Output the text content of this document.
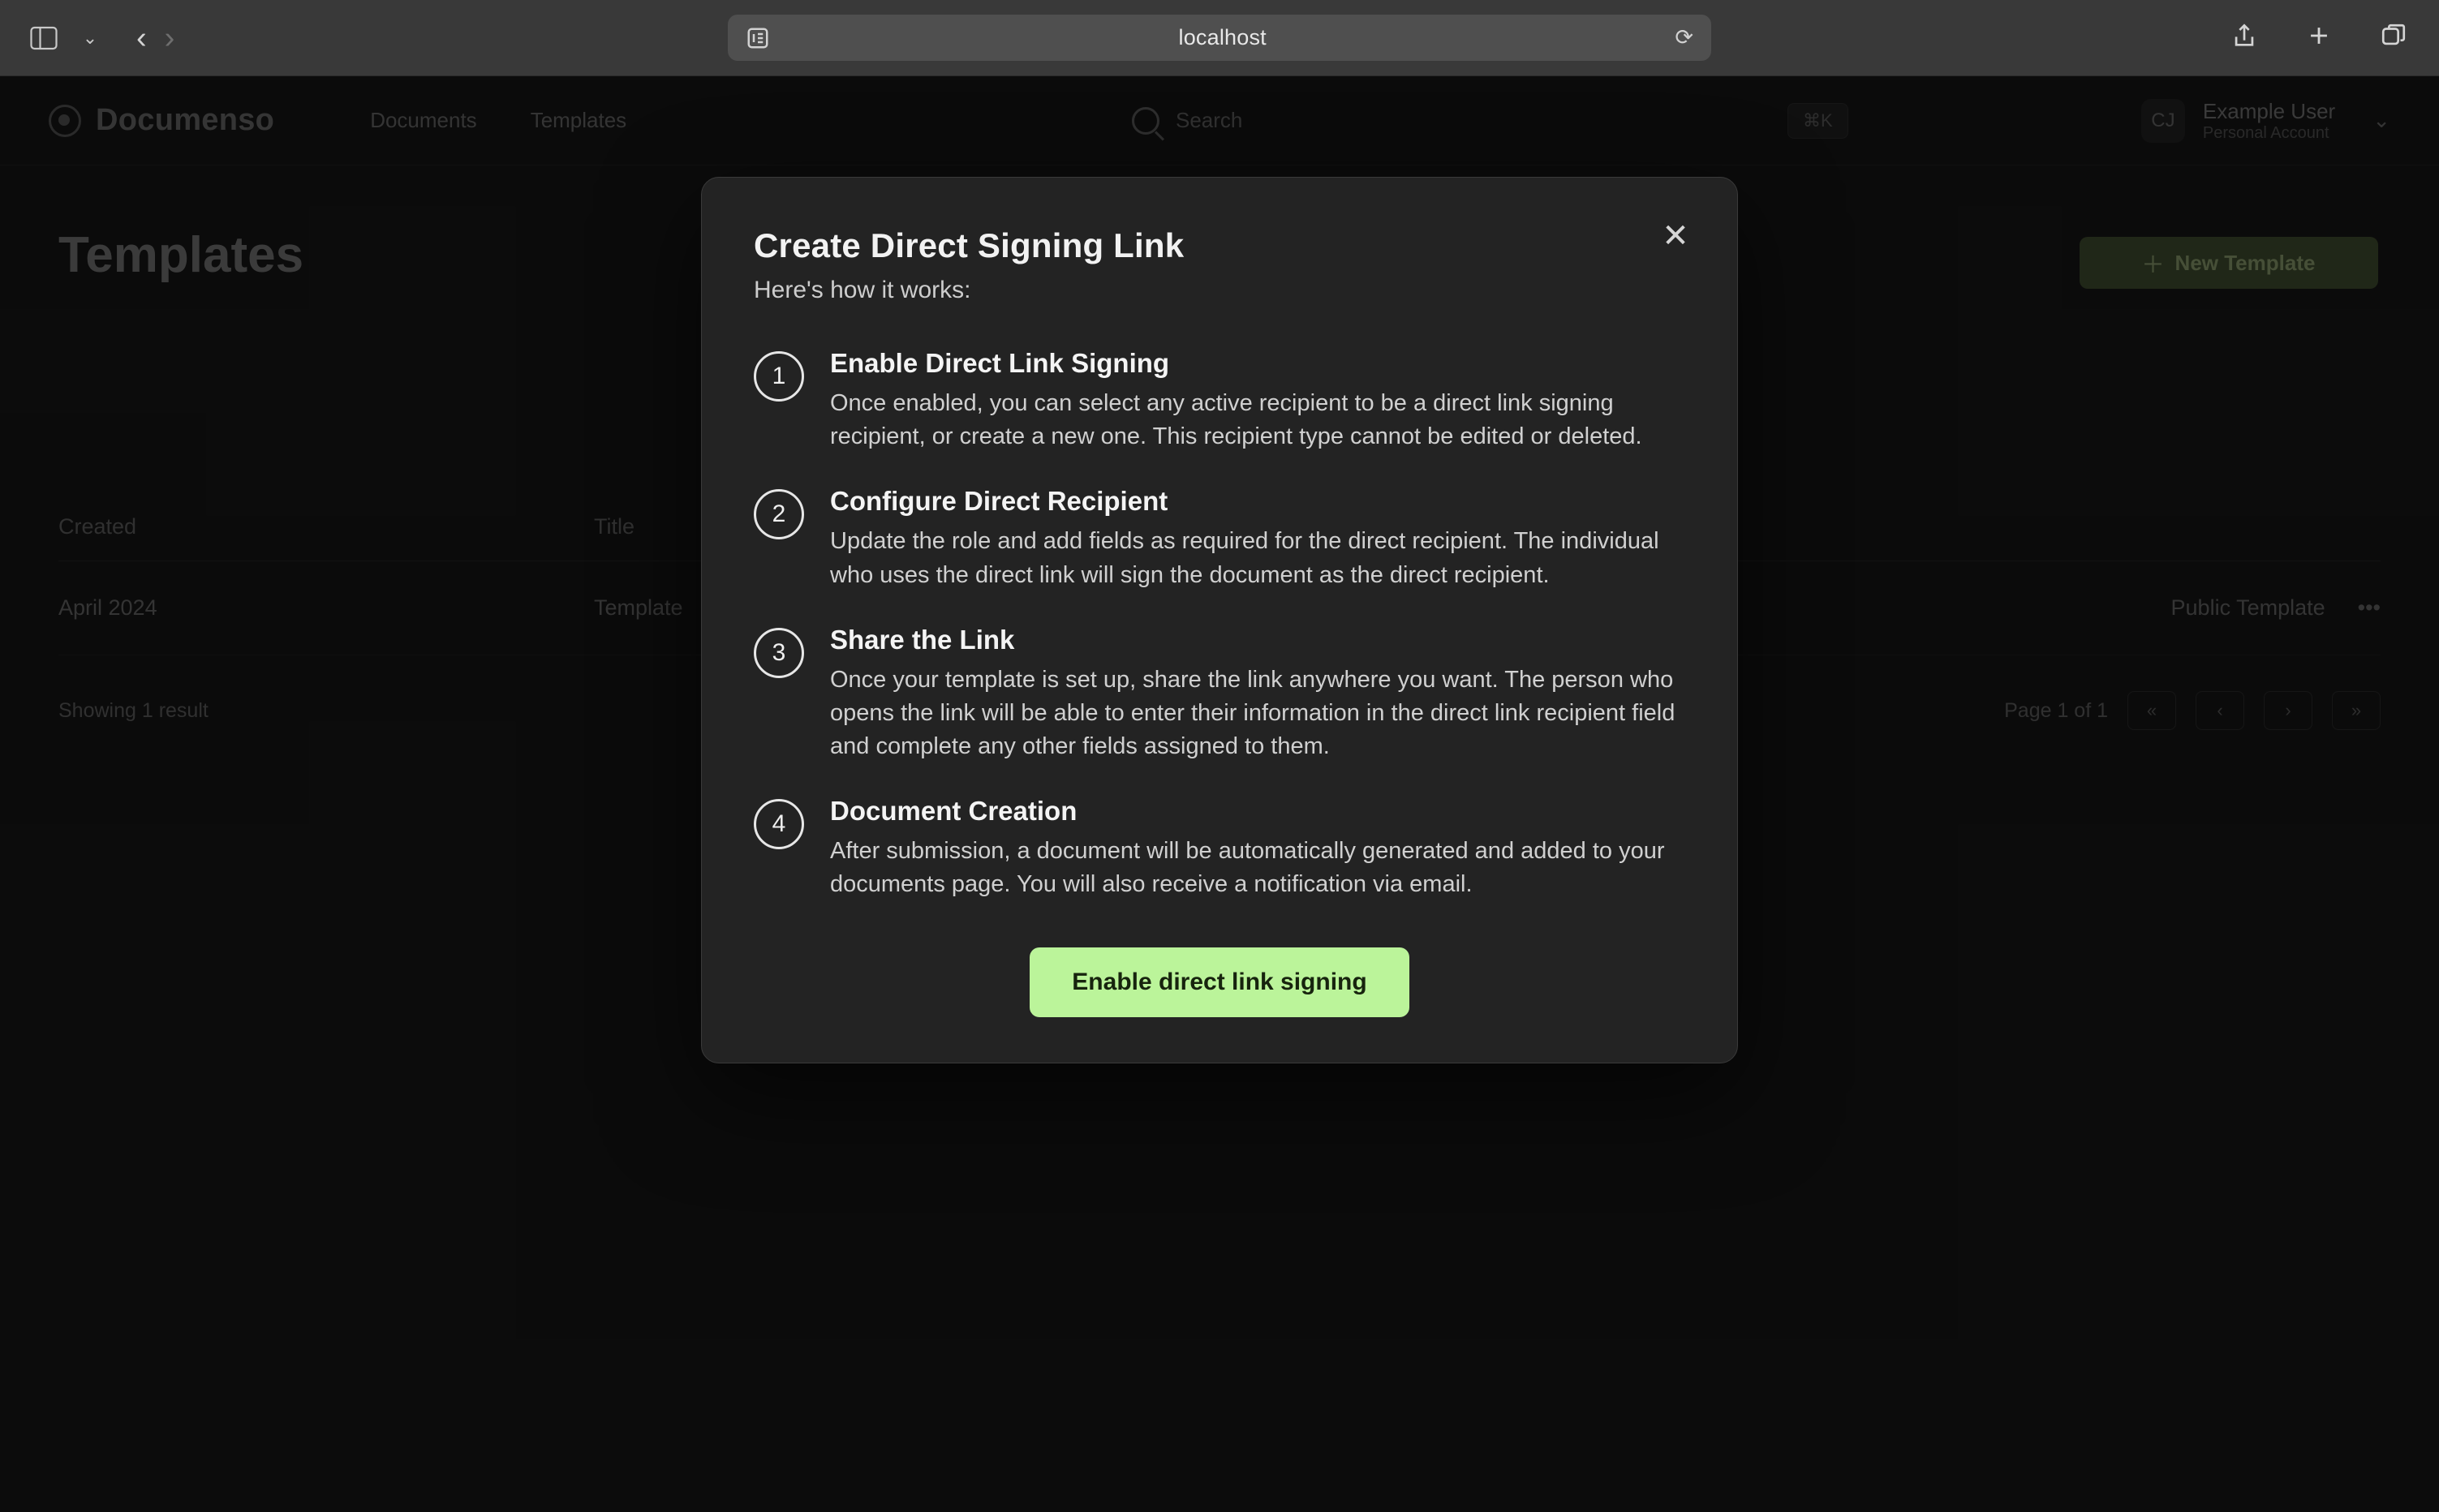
⌄ ‹ ›	localhost	⟳
✕
Create Direct Signing Link
Here's how it works:
1	Enable Direct Link Signing
Once enabled, you can select any active recipient to be a direct link signing recipient, or create a new one. This recipient type cannot be edited or deleted.
2	Configure Direct Recipient
Update the role and add fields as required for the direct recipient. The individual who uses the direct link will sign the document as the direct recipient.
3	Share the Link
Once your template is set up, share the link anywhere you want. The person who opens the link will be able to enter their information in the direct link recipient field and complete any other fields assigned to them.
4	Document Creation
After submission, a document will be automatically generated and added to your documents page. You will also receive a notification via email.
Enable direct link signing
